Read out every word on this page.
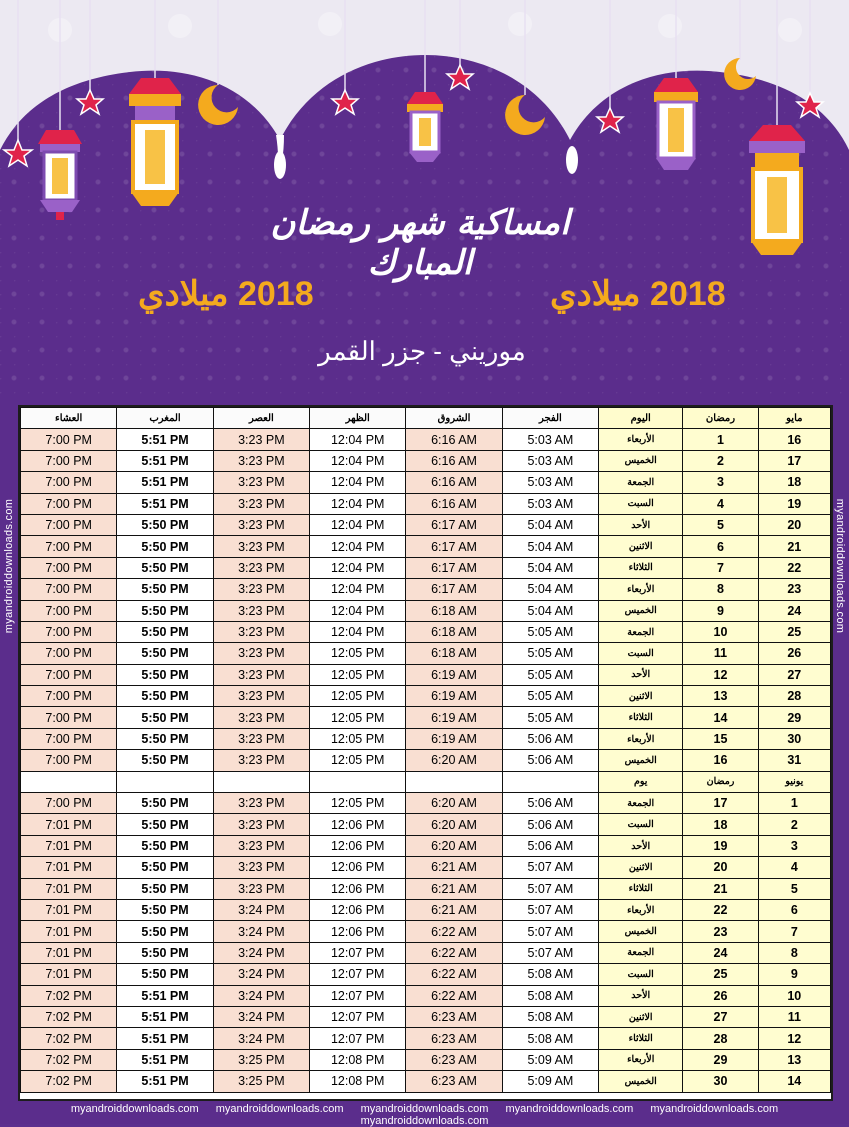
امساكية شهر رمضان المبارك
2018 ميلادي	2018 ميلادي
موريني - جزر القمر
myandroiddownloads.com	myandroiddownloads.com
العشاء	المغرب	العصر	الظهر	الشروق	الفجر	اليوم	رمضان	مايو
7:00 PM	5:51 PM	3:23 PM	12:04 PM	6:16 AM	5:03 AM	الأربعاء	1	16
7:00 PM	5:51 PM	3:23 PM	12:04 PM	6:16 AM	5:03 AM	الخميس	2	17
7:00 PM	5:51 PM	3:23 PM	12:04 PM	6:16 AM	5:03 AM	الجمعة	3	18
7:00 PM	5:51 PM	3:23 PM	12:04 PM	6:16 AM	5:03 AM	السبت	4	19
7:00 PM	5:50 PM	3:23 PM	12:04 PM	6:17 AM	5:04 AM	الأحد	5	20
7:00 PM	5:50 PM	3:23 PM	12:04 PM	6:17 AM	5:04 AM	الاثنين	6	21
7:00 PM	5:50 PM	3:23 PM	12:04 PM	6:17 AM	5:04 AM	الثلاثاء	7	22
7:00 PM	5:50 PM	3:23 PM	12:04 PM	6:17 AM	5:04 AM	الأربعاء	8	23
7:00 PM	5:50 PM	3:23 PM	12:04 PM	6:18 AM	5:04 AM	الخميس	9	24
7:00 PM	5:50 PM	3:23 PM	12:04 PM	6:18 AM	5:05 AM	الجمعة	10	25
7:00 PM	5:50 PM	3:23 PM	12:05 PM	6:18 AM	5:05 AM	السبت	11	26
7:00 PM	5:50 PM	3:23 PM	12:05 PM	6:19 AM	5:05 AM	الأحد	12	27
7:00 PM	5:50 PM	3:23 PM	12:05 PM	6:19 AM	5:05 AM	الاثنين	13	28
7:00 PM	5:50 PM	3:23 PM	12:05 PM	6:19 AM	5:05 AM	الثلاثاء	14	29
7:00 PM	5:50 PM	3:23 PM	12:05 PM	6:19 AM	5:06 AM	الأربعاء	15	30
7:00 PM	5:50 PM	3:23 PM	12:05 PM	6:20 AM	5:06 AM	الخميس	16	31
						يوم	رمضان	يونيو
7:00 PM	5:50 PM	3:23 PM	12:05 PM	6:20 AM	5:06 AM	الجمعة	17	1
7:01 PM	5:50 PM	3:23 PM	12:06 PM	6:20 AM	5:06 AM	السبت	18	2
7:01 PM	5:50 PM	3:23 PM	12:06 PM	6:20 AM	5:06 AM	الأحد	19	3
7:01 PM	5:50 PM	3:23 PM	12:06 PM	6:21 AM	5:07 AM	الاثنين	20	4
7:01 PM	5:50 PM	3:23 PM	12:06 PM	6:21 AM	5:07 AM	الثلاثاء	21	5
7:01 PM	5:50 PM	3:24 PM	12:06 PM	6:21 AM	5:07 AM	الأربعاء	22	6
7:01 PM	5:50 PM	3:24 PM	12:06 PM	6:22 AM	5:07 AM	الخميس	23	7
7:01 PM	5:50 PM	3:24 PM	12:07 PM	6:22 AM	5:07 AM	الجمعة	24	8
7:01 PM	5:50 PM	3:24 PM	12:07 PM	6:22 AM	5:08 AM	السبت	25	9
7:02 PM	5:51 PM	3:24 PM	12:07 PM	6:22 AM	5:08 AM	الأحد	26	10
7:02 PM	5:51 PM	3:24 PM	12:07 PM	6:23 AM	5:08 AM	الاثنين	27	11
7:02 PM	5:51 PM	3:24 PM	12:07 PM	6:23 AM	5:08 AM	الثلاثاء	28	12
7:02 PM	5:51 PM	3:25 PM	12:08 PM	6:23 AM	5:09 AM	الأربعاء	29	13
7:02 PM	5:51 PM	3:25 PM	12:08 PM	6:23 AM	5:09 AM	الخميس	30	14
myandroiddownloads.com myandroiddownloads.com myandroiddownloads.com myandroiddownloads.com myandroiddownloads.com myandroiddownloads.com
